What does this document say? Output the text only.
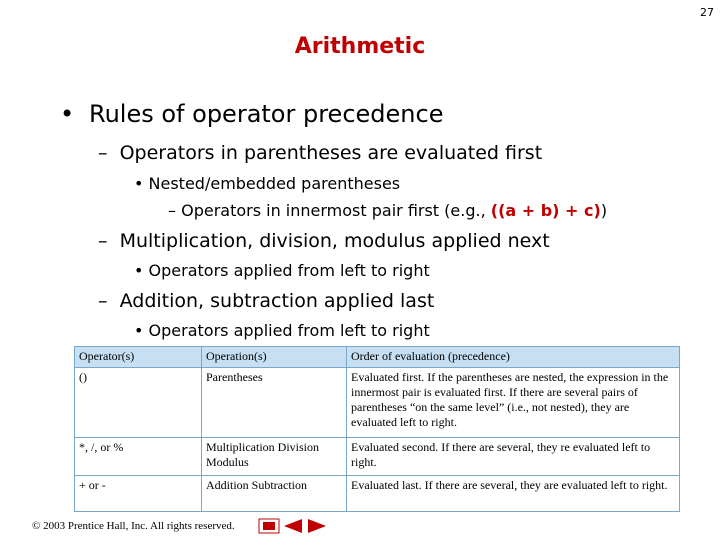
27
Arithmetic
• Rules of operator precedence
– Operators in parentheses are evaluated first
• Nested/embedded parentheses
– Operators in innermost pair first (e.g., ((a + b) + c))
– Multiplication, division, modulus applied next
• Operators applied from left to right
– Addition, subtraction applied last
• Operators applied from left to right
Operator(s)	Operation(s)	Order of evaluation (precedence)
()	Parentheses	Evaluated first. If the parentheses are nested, the expression in the innermost pair is evaluated first. If there are several pairs of parentheses “on the same level” (i.e., not nested), they are evaluated left to right.
*, /, or %	Multiplication Division Modulus	Evaluated second. If there are several, they re evaluated left to right.
+ or -	Addition Subtraction	Evaluated last. If there are several, they are evaluated left to right.
© 2003 Prentice Hall, Inc. All rights reserved.
